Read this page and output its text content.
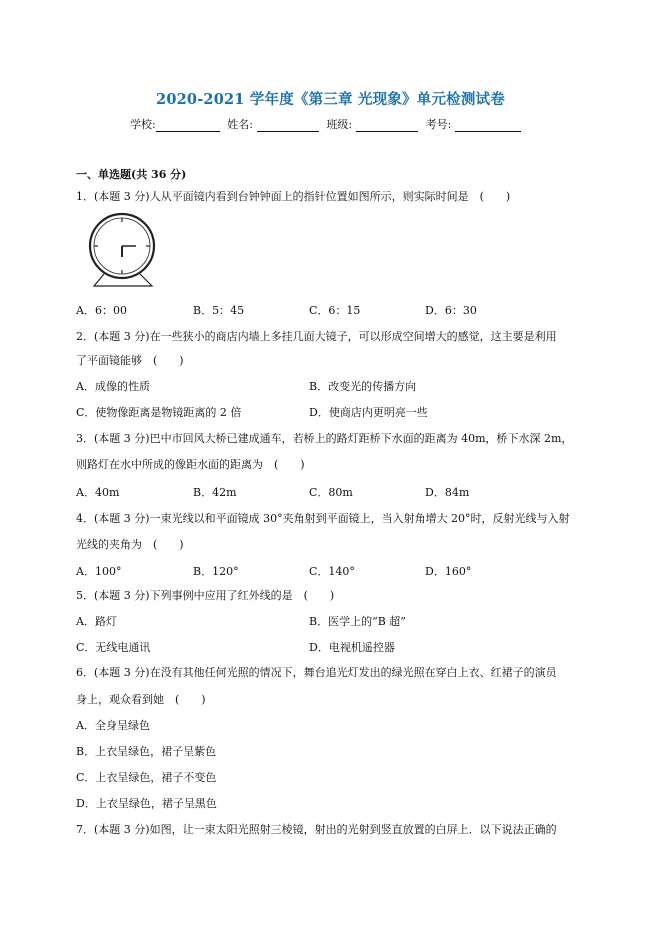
2020-2021 学年度《第三章 光现象》单元检测试卷
学校:	姓名:	班级:	考号:
一、单选题(共 36 分)
1．(本题 3 分)人从平面镜内看到台钟钟面上的指针位置如图所示，则实际时间是　(　　)
A．6：00	B．5：45	C．6：15	D．6：30
2．(本题 3 分)在一些狭小的商店内墙上多挂几面大镜子，可以形成空间增大的感觉，这主要是利用
了平面镜能够　(　　)
A．成像的性质	B．改变光的传播方向
C．使物像距离是物镜距离的 2 倍	D．使商店内更明亮一些
3．(本题 3 分)巴中市回风大桥已建成通车，若桥上的路灯距桥下水面的距离为 40m，桥下水深 2m，
则路灯在水中所成的像距水面的距离为　(　　)
A．40m	B．42m	C．80m	D．84m
4．(本题 3 分)一束光线以和平面镜成 30°夹角射到平面镜上，当入射角增大 20°时，反射光线与入射
光线的夹角为　(　　)
A．100°	B．120°	C．140°	D．160°
5．(本题 3 分)下列事例中应用了红外线的是　(　　)
A．路灯	B．医学上的“B 超”
C．无线电通讯	D．电视机遥控器
6．(本题 3 分)在没有其他任何光照的情况下，舞台追光灯发出的绿光照在穿白上衣、红裙子的演员
身上，观众看到她　(　　)
A．全身呈绿色
B．上衣呈绿色，裙子呈紫色
C．上衣呈绿色，裙子不变色
D．上衣呈绿色，裙子呈黑色
7．(本题 3 分)如图，让一束太阳光照射三棱镜，射出的光射到竖直放置的白屏上．以下说法正确的
